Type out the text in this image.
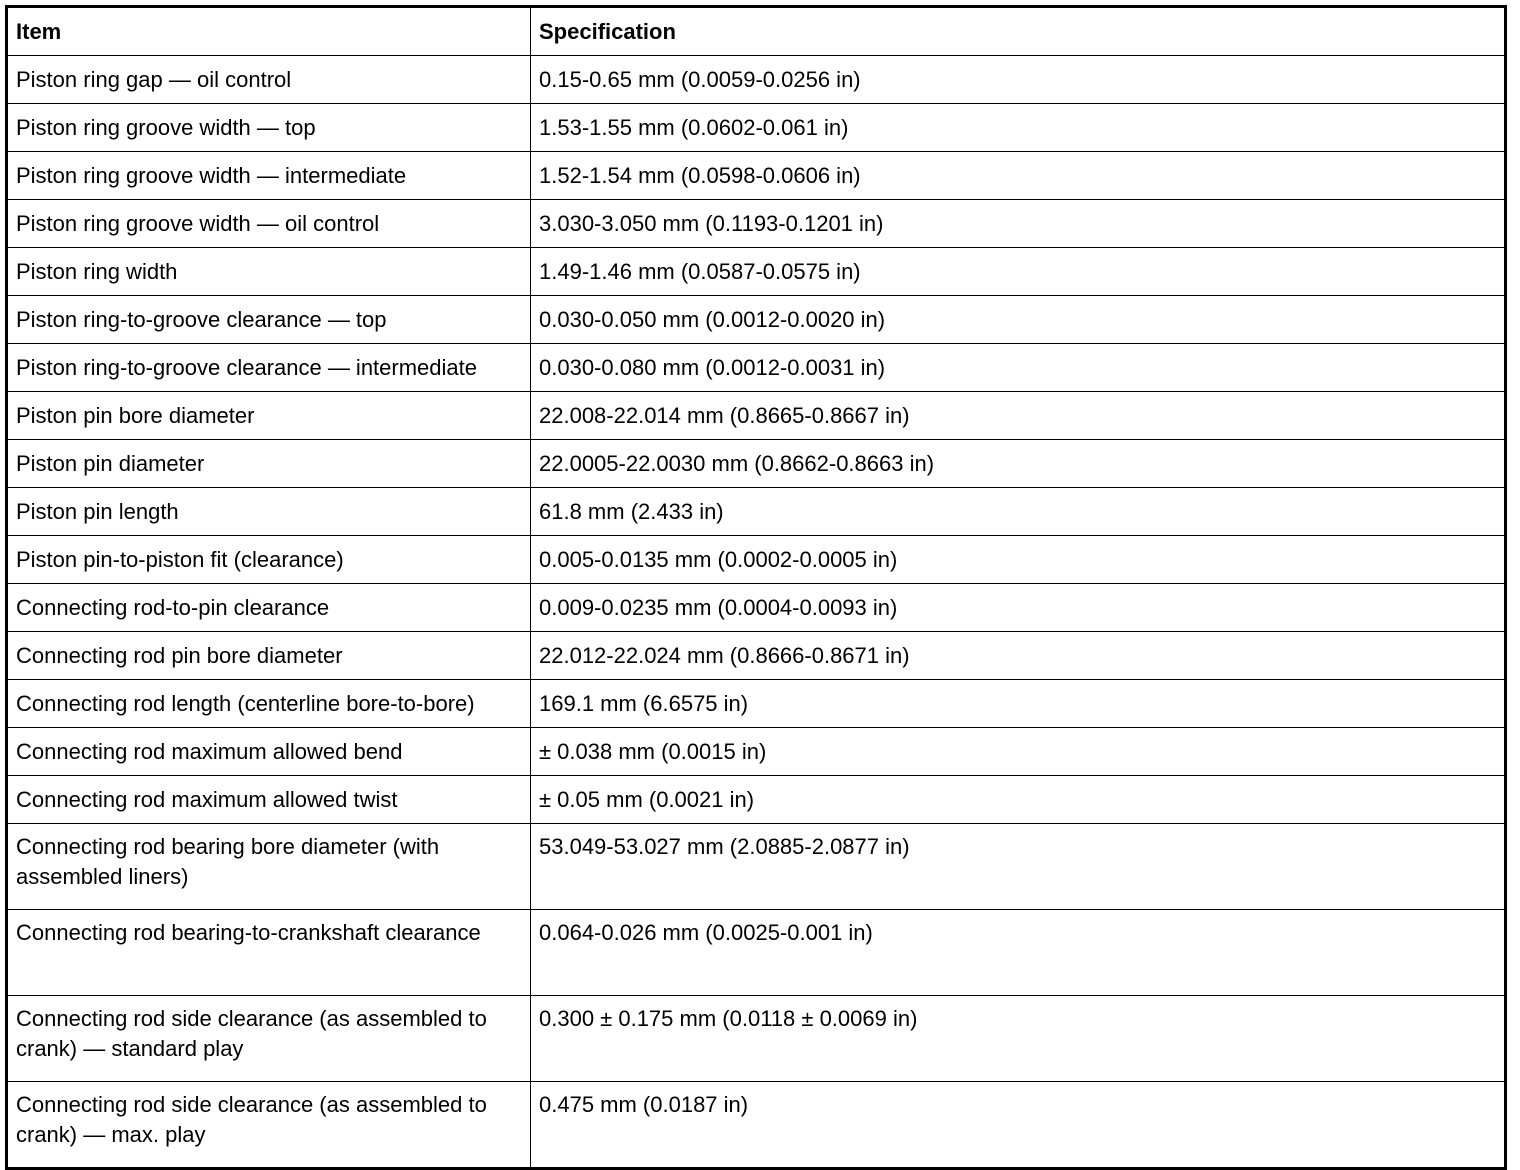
Item	Specification
Piston ring gap — oil control	0.15-0.65 mm (0.0059-0.0256 in)
Piston ring groove width — top	1.53-1.55 mm (0.0602-0.061 in)
Piston ring groove width — intermediate	1.52-1.54 mm (0.0598-0.0606 in)
Piston ring groove width — oil control	3.030-3.050 mm (0.1193-0.1201 in)
Piston ring width	1.49-1.46 mm (0.0587-0.0575 in)
Piston ring-to-groove clearance — top	0.030-0.050 mm (0.0012-0.0020 in)
Piston ring-to-groove clearance — intermediate	0.030-0.080 mm (0.0012-0.0031 in)
Piston pin bore diameter	22.008-22.014 mm (0.8665-0.8667 in)
Piston pin diameter	22.0005-22.0030 mm (0.8662-0.8663 in)
Piston pin length	61.8 mm (2.433 in)
Piston pin-to-piston fit (clearance)	0.005-0.0135 mm (0.0002-0.0005 in)
Connecting rod-to-pin clearance	0.009-0.0235 mm (0.0004-0.0093 in)
Connecting rod pin bore diameter	22.012-22.024 mm (0.8666-0.8671 in)
Connecting rod length (centerline bore-to-bore)	169.1 mm (6.6575 in)
Connecting rod maximum allowed bend	± 0.038 mm (0.0015 in)
Connecting rod maximum allowed twist	± 0.05 mm (0.0021 in)
Connecting rod bearing bore diameter (with assembled liners)	53.049-53.027 mm (2.0885-2.0877 in)
Connecting rod bearing-to-crankshaft clearance	0.064-0.026 mm (0.0025-0.001 in)
Connecting rod side clearance (as assembled to crank) — standard play	0.300 ± 0.175 mm (0.0118 ± 0.0069 in)
Connecting rod side clearance (as assembled to crank) — max. play	0.475 mm (0.0187 in)
